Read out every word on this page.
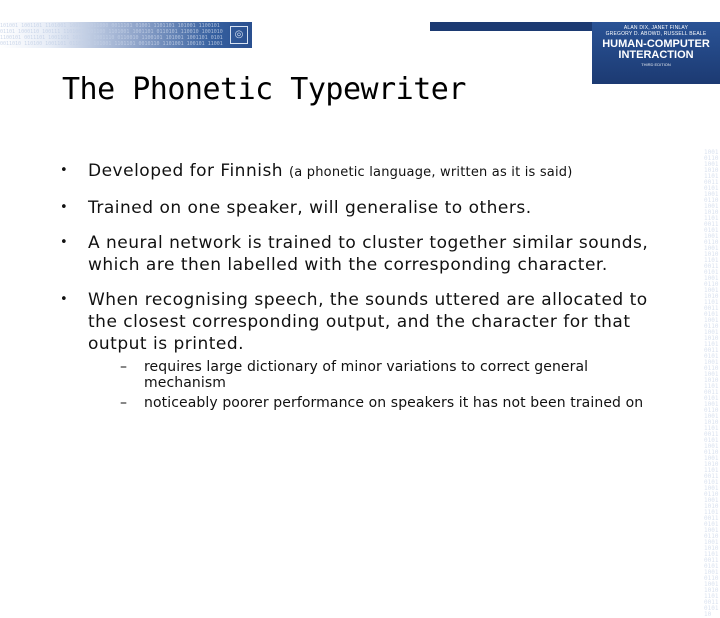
101001 1001101 1101001 10011 1011000 0011101 01001 1101101 101001 1100101
01101 1000110 100111 1101001 101100 1101001 1001101 0110101 110010 1001010
1100101 0011101 1001101 101100 1001110 0110010 1100101 101001 1001101 0101
0011010 110100 1001101 0110010 101001 1101101 0010110 1101001 100101 11001
◎
ALAN DIX, JANET FINLAY
GREGORY D. ABOWD, RUSSELL BEALE
HUMAN-COMPUTER
INTERACTION
THIRD EDITION
1001011010011010110100110101100101101001101011010011010110010110100110101101001101011001011010011010110100110101100101101001101011010011010110010110100110101101001101011001011010011010110100110101100101101001101011010011010110010110100110101101001101011001011010011010110100110101100101101001101011010011010110
The Phonetic Typewriter
• Developed for Finnish (a phonetic language, written as it is said)
• Trained on one speaker, will generalise to others.
• A neural network is trained to cluster together similar sounds, which are then labelled with the corresponding character.
• When recognising speech, the sounds uttered are allocated to the closest corresponding output, and the character for that output is printed.
– requires large dictionary of minor variations to correct general mechanism
– noticeably poorer performance on speakers it has not been trained on
